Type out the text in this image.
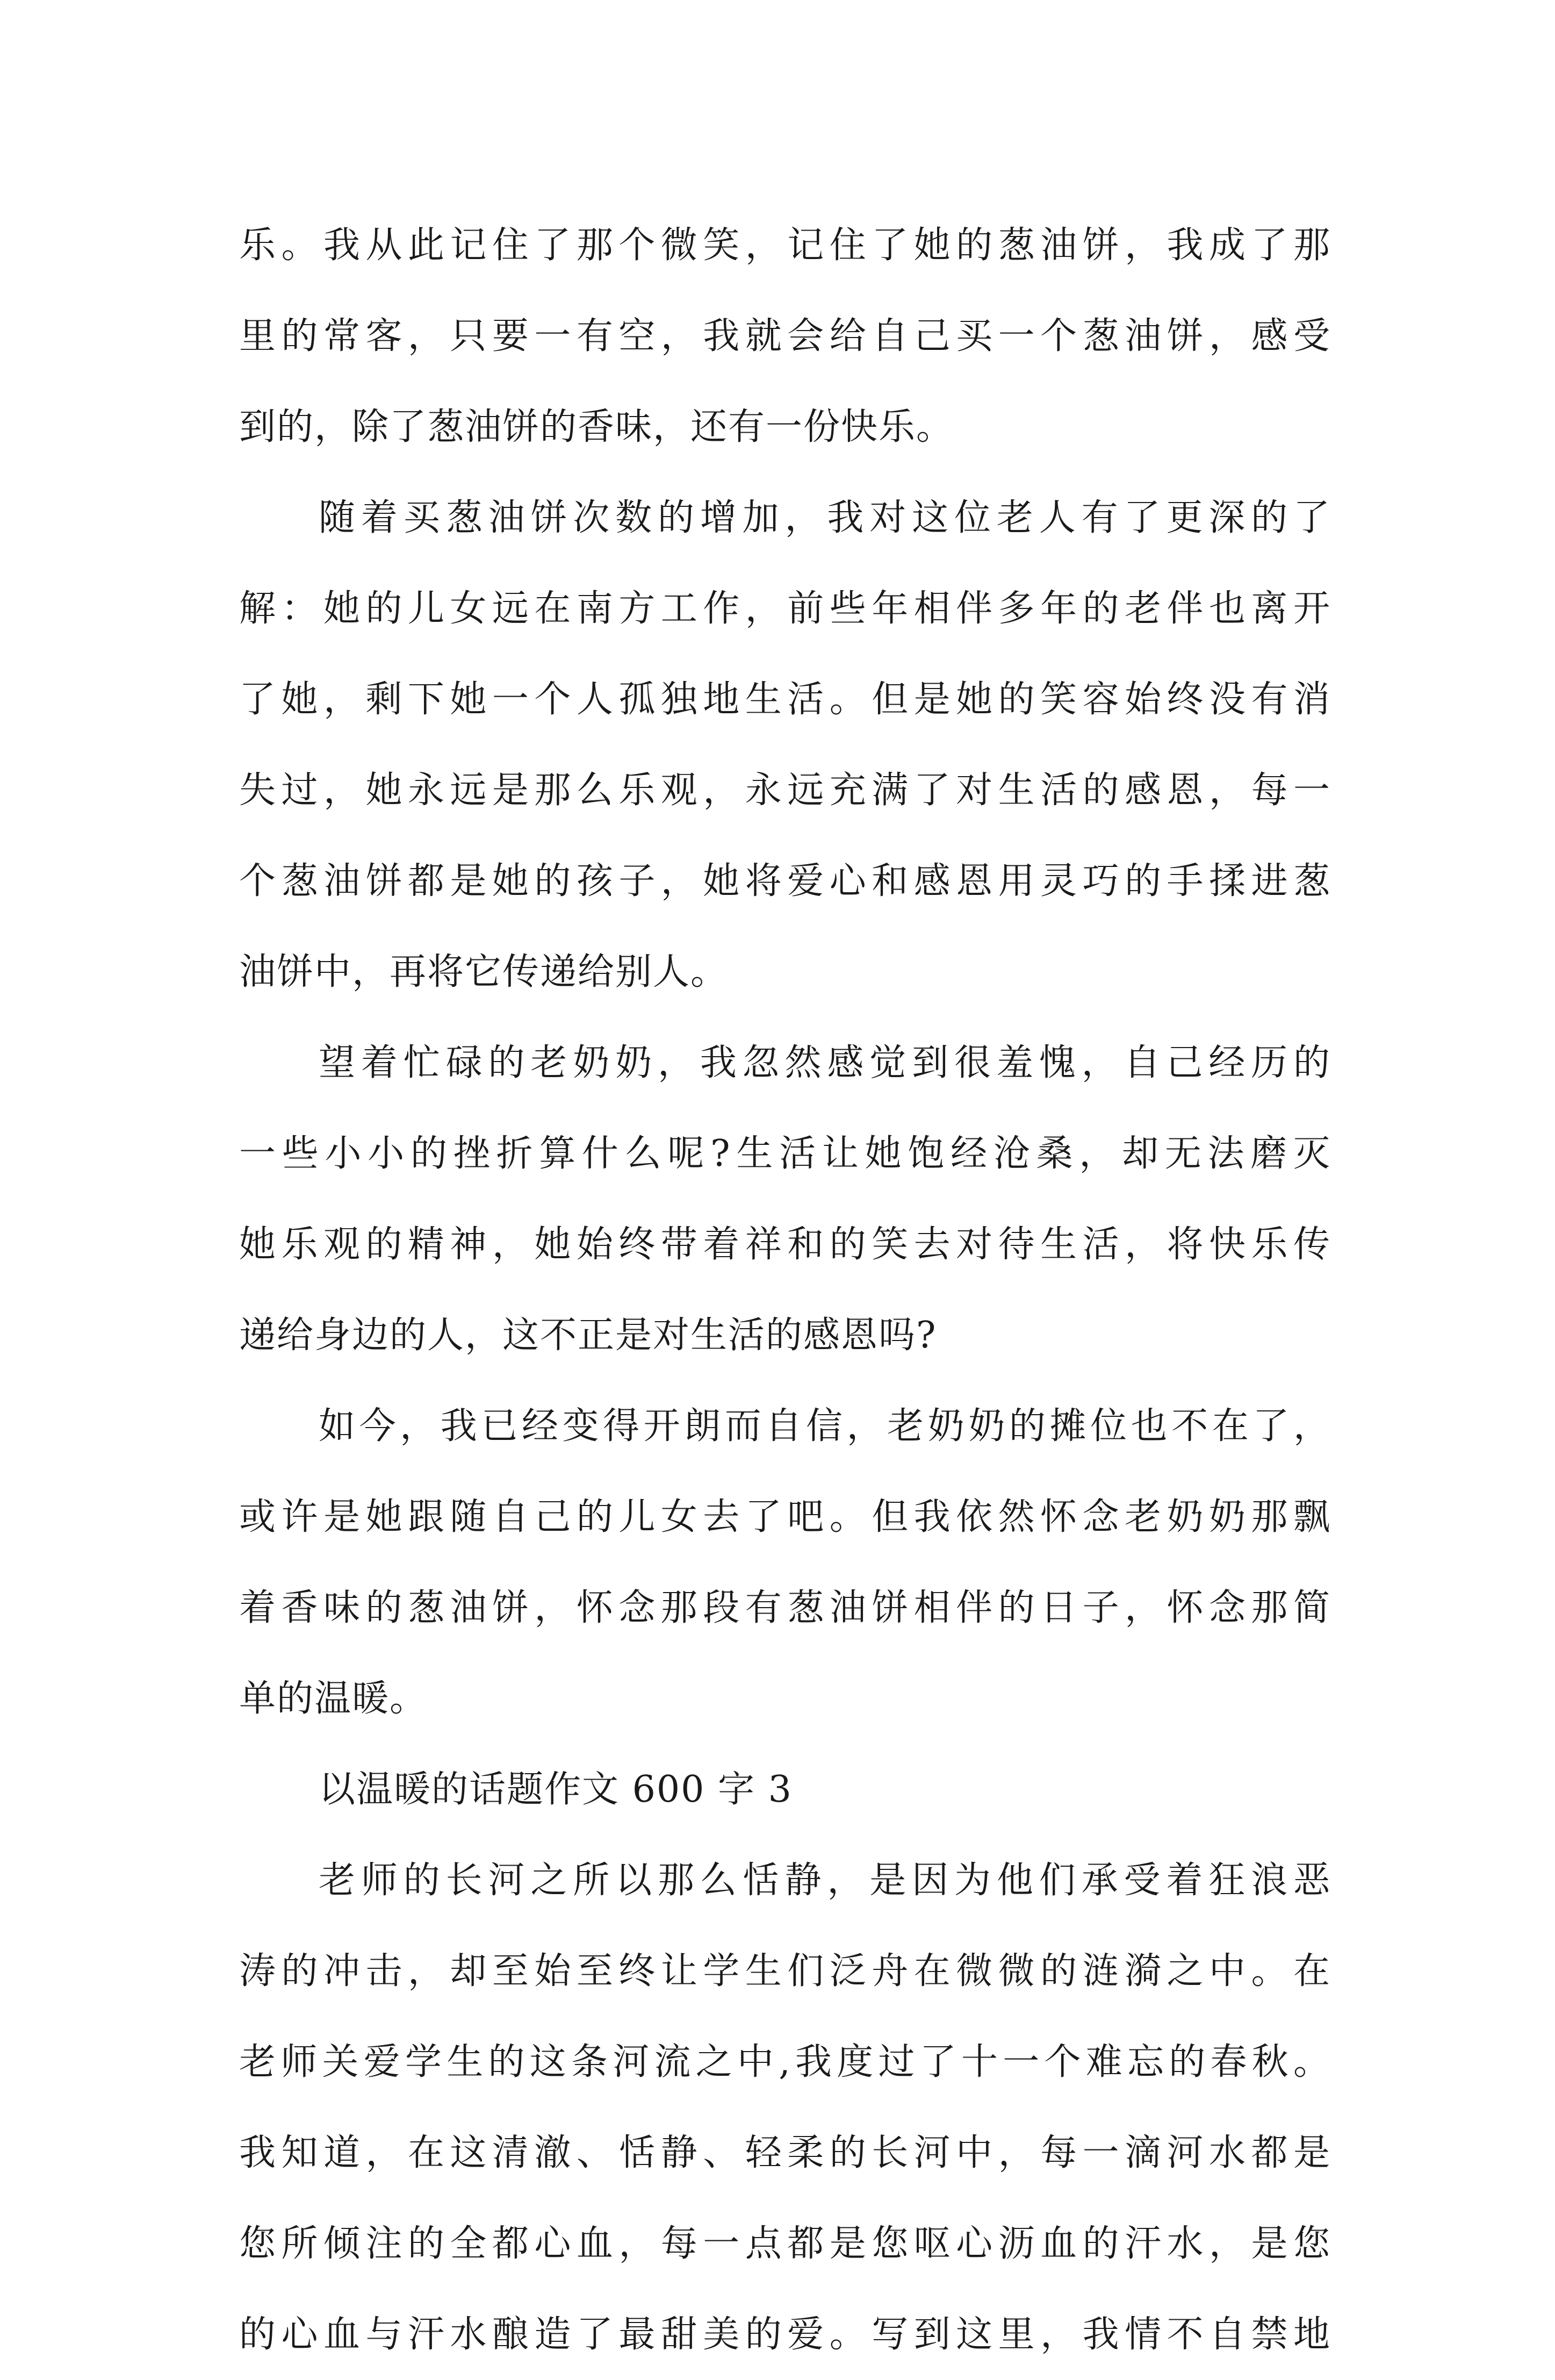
乐。我从此记住了那个微笑，记住了她的葱油饼，我成了那
里的常客，只要一有空，我就会给自己买一个葱油饼，感受
到的，除了葱油饼的香味，还有一份快乐。
随着买葱油饼次数的增加，我对这位老人有了更深的了
解：她的儿女远在南方工作，前些年相伴多年的老伴也离开
了她，剩下她一个人孤独地生活。但是她的笑容始终没有消
失过，她永远是那么乐观，永远充满了对生活的感恩，每一
个葱油饼都是她的孩子，她将爱心和感恩用灵巧的手揉进葱
油饼中，再将它传递给别人。
望着忙碌的老奶奶，我忽然感觉到很羞愧，自己经历的
一些小小的挫折算什么呢?生活让她饱经沧桑，却无法磨灭
她乐观的精神，她始终带着祥和的笑去对待生活，将快乐传
递给身边的人，这不正是对生活的感恩吗?
如今，我已经变得开朗而自信，老奶奶的摊位也不在了，
或许是她跟随自己的儿女去了吧。但我依然怀念老奶奶那飘
着香味的葱油饼，怀念那段有葱油饼相伴的日子，怀念那简
单的温暖。
以温暖的话题作文 600 字 3
老师的长河之所以那么恬静，是因为他们承受着狂浪恶
涛的冲击，却至始至终让学生们泛舟在微微的涟漪之中。在
老师关爱学生的这条河流之中,我度过了十一个难忘的春秋。
我知道，在这清澈、恬静、轻柔的长河中，每一滴河水都是
您所倾注的全都心血，每一点都是您呕心沥血的汗水，是您
的心血与汗水酿造了最甜美的爱。写到这里，我情不自禁地
